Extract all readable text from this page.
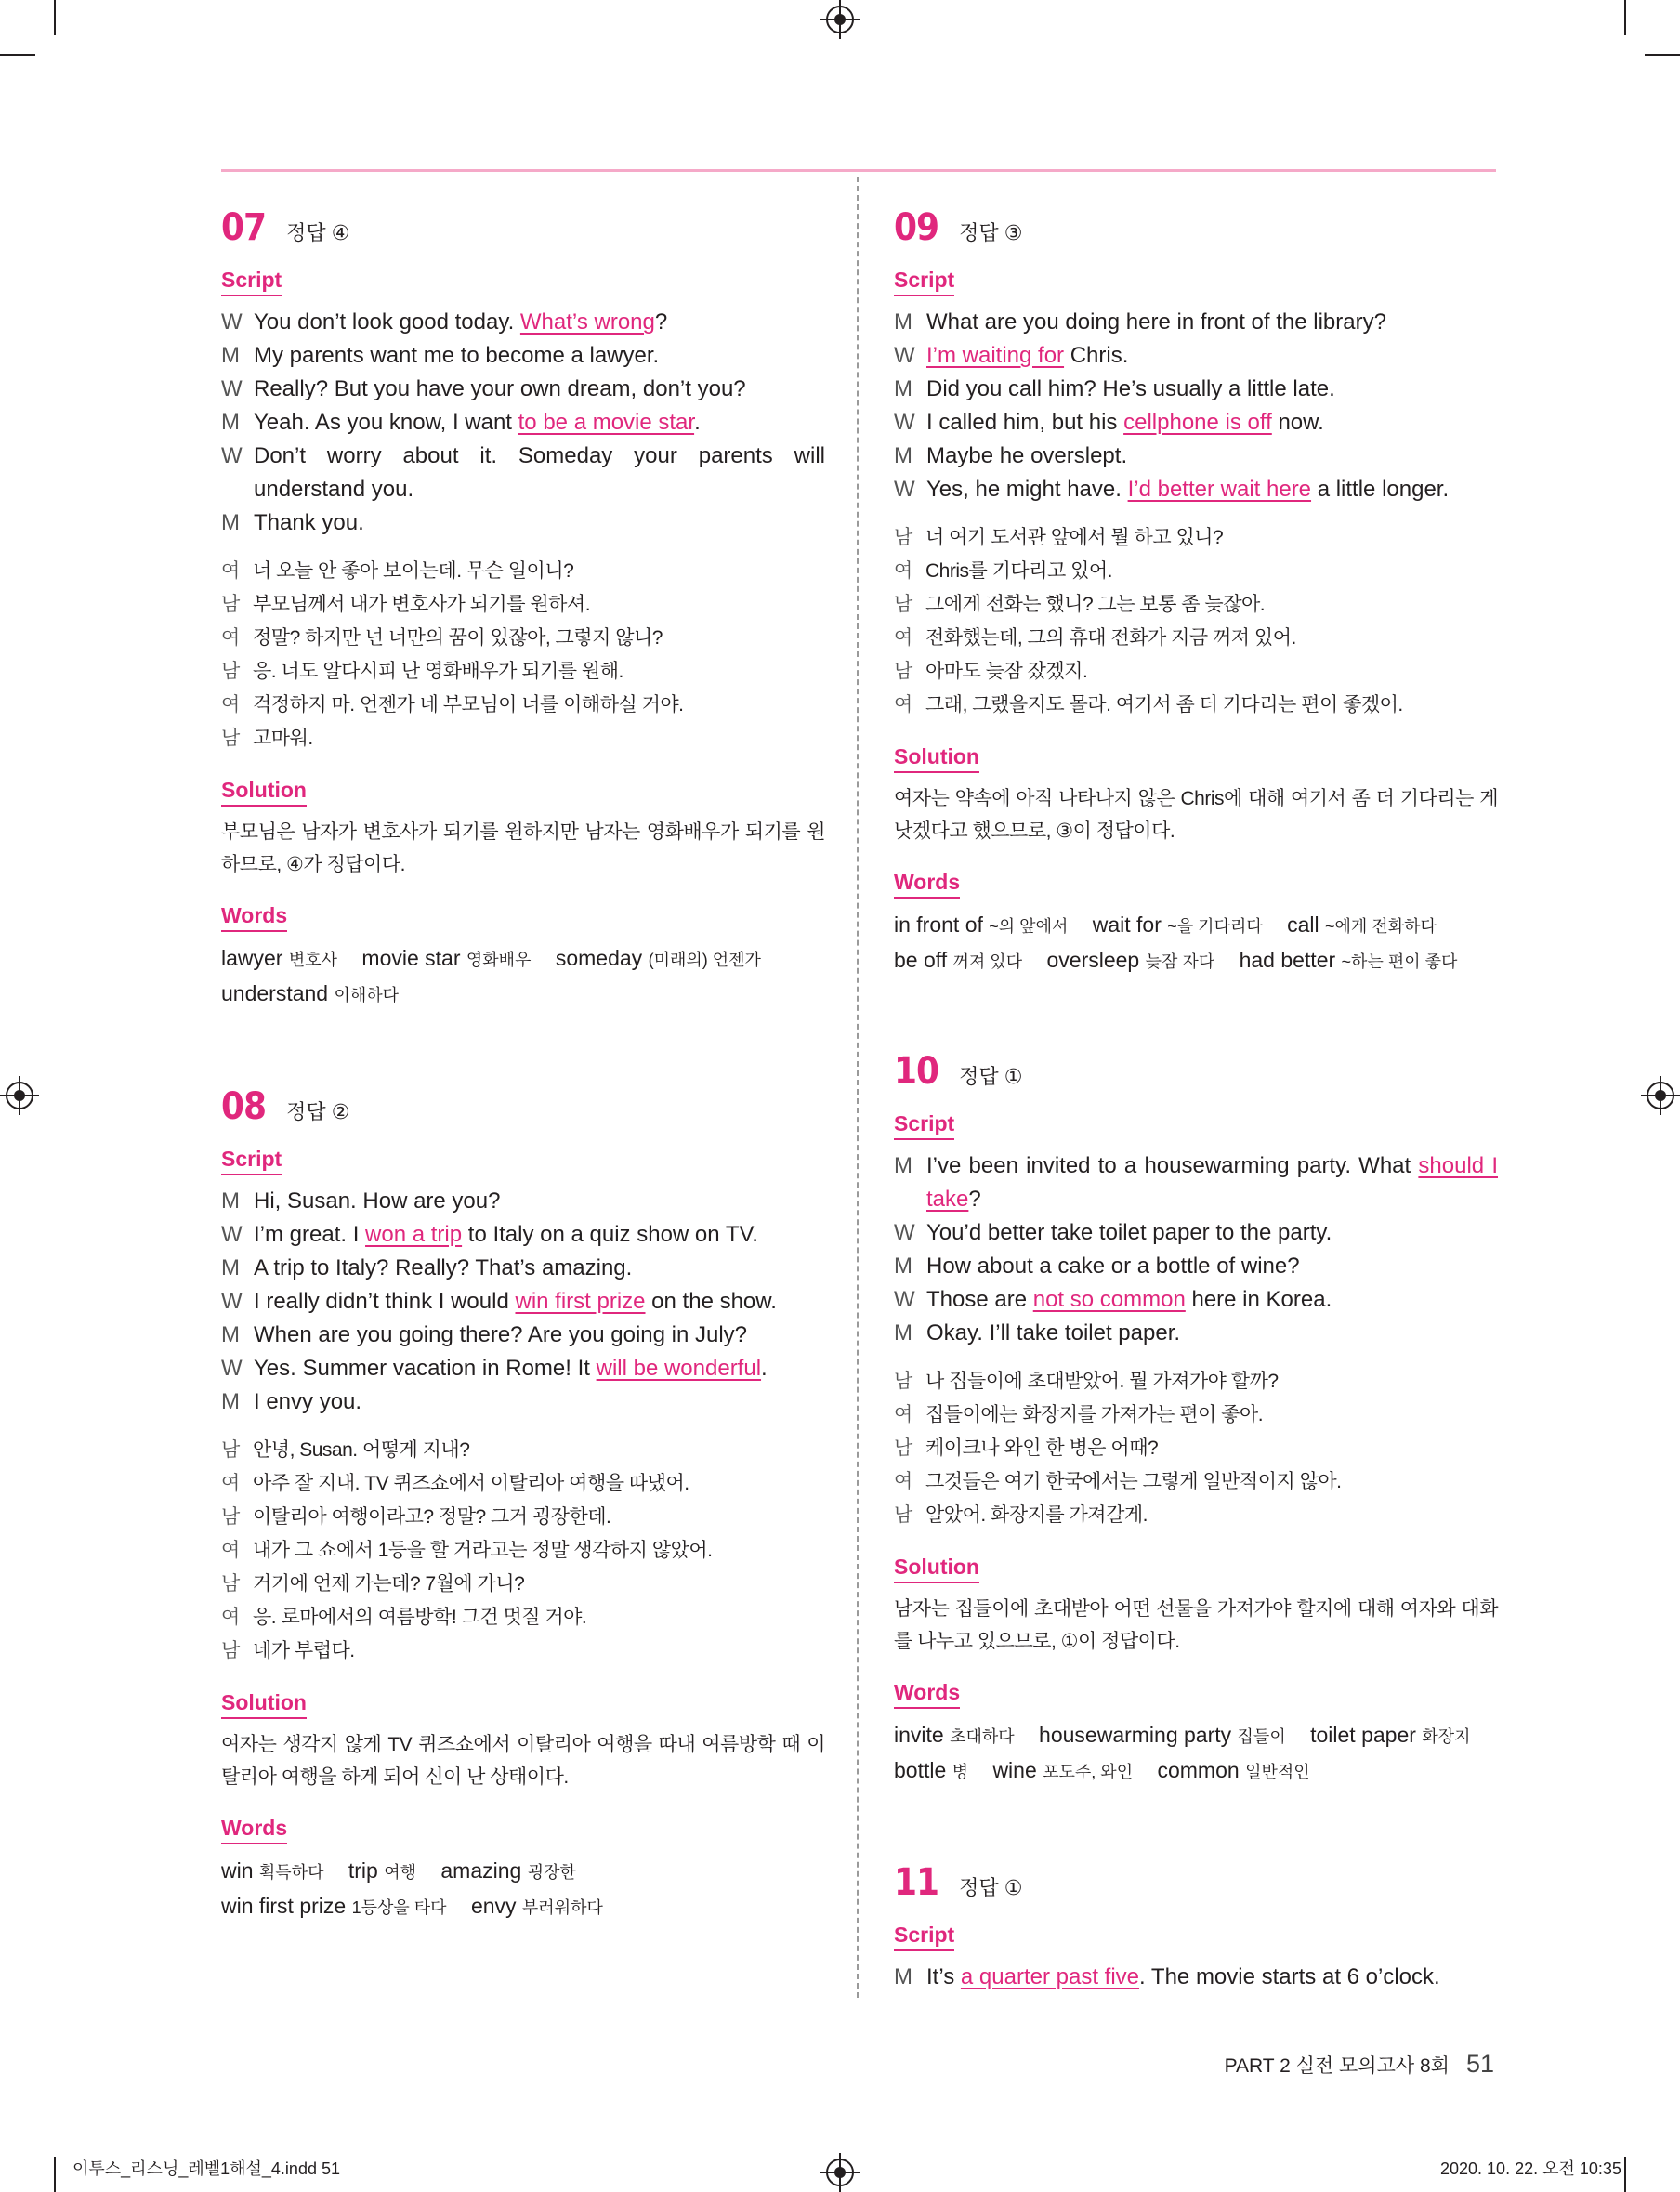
07 정답 ④
Script
W You don’t look good today. What’s wrong?
M My parents want me to become a lawyer.
W Really? But you have your own dream, don’t you?
M Yeah. As you know, I want to be a movie star.
W Don’t worry about it. Someday your parents will understand you.
M Thank you.
여 너 오늘 안 좋아 보이는데. 무슨 일이니?
남 부모님께서 내가 변호사가 되기를 원하셔.
여 정말? 하지만 넌 너만의 꿈이 있잖아, 그렇지 않니?
남 응. 너도 알다시피 난 영화배우가 되기를 원해.
여 걱정하지 마. 언젠가 네 부모님이 너를 이해하실 거야.
남 고마워.
Solution
부모님은 남자가 변호사가 되기를 원하지만 남자는 영화배우가 되기를 원하므로, ④가 정답이다.
Words
lawyer 변호사 movie star 영화배우 someday (미래의) 언젠가 understand 이해하다
08 정답 ②
Script
M Hi, Susan. How are you?
W I’m great. I won a trip to Italy on a quiz show on TV.
M A trip to Italy? Really? That’s amazing.
W I really didn’t think I would win first prize on the show.
M When are you going there? Are you going in July?
W Yes. Summer vacation in Rome! It will be wonderful.
M I envy you.
남 안녕, Susan. 어떻게 지내?
여 아주 잘 지내. TV 퀴즈쇼에서 이탈리아 여행을 따냈어.
남 이탈리아 여행이라고? 정말? 그거 굉장한데.
여 내가 그 쇼에서 1등을 할 거라고는 정말 생각하지 않았어.
남 거기에 언제 가는데? 7월에 가니?
여 응. 로마에서의 여름방학! 그건 멋질 거야.
남 네가 부럽다.
Solution
여자는 생각지 않게 TV 퀴즈쇼에서 이탈리아 여행을 따내 여름방학 때 이탈리아 여행을 하게 되어 신이 난 상태이다.
Words
win 획득하다 trip 여행 amazing 굉장한 win first prize 1등상을 타다 envy 부러워하다
09 정답 ③
Script
M What are you doing here in front of the library?
W I’m waiting for Chris.
M Did you call him? He’s usually a little late.
W I called him, but his cellphone is off now.
M Maybe he overslept.
W Yes, he might have. I’d better wait here a little longer.
남 너 여기 도서관 앞에서 뭘 하고 있니?
여 Chris를 기다리고 있어.
남 그에게 전화는 했니? 그는 보통 좀 늦잖아.
여 전화했는데, 그의 휴대 전화가 지금 꺼져 있어.
남 아마도 늦잠 잤겠지.
여 그래, 그랬을지도 몰라. 여기서 좀 더 기다리는 편이 좋겠어.
Solution
여자는 약속에 아직 나타나지 않은 Chris에 대해 여기서 좀 더 기다리는 게 낫겠다고 했으므로, ③이 정답이다.
Words
in front of ~의 앞에서 wait for ~을 기다리다 call ~에게 전화하다 be off 꺼져 있다 oversleep 늦잠 자다 had better ~하는 편이 좋다
10 정답 ①
Script
M I’ve been invited to a housewarming party. What should I take?
W You’d better take toilet paper to the party.
M How about a cake or a bottle of wine?
W Those are not so common here in Korea.
M Okay. I’ll take toilet paper.
남 나 집들이에 초대받았어. 뭘 가져가야 할까?
여 집들이에는 화장지를 가져가는 편이 좋아.
남 케이크나 와인 한 병은 어때?
여 그것들은 여기 한국에서는 그렇게 일반적이지 않아.
남 알았어. 화장지를 가져갈게.
Solution
남자는 집들이에 초대받아 어떤 선물을 가져가야 할지에 대해 여자와 대화를 나누고 있으므로, ①이 정답이다.
Words
invite 초대하다 housewarming party 집들이 toilet paper 화장지 bottle 병 wine 포도주, 와인 common 일반적인
11 정답 ①
Script
M It’s a quarter past five. The movie starts at 6 o’clock.
PART 2 실전 모의고사 8회 51
이투스_리스닝_레벨1해설_4.indd 51	2020. 10. 22. 오전 10:35
